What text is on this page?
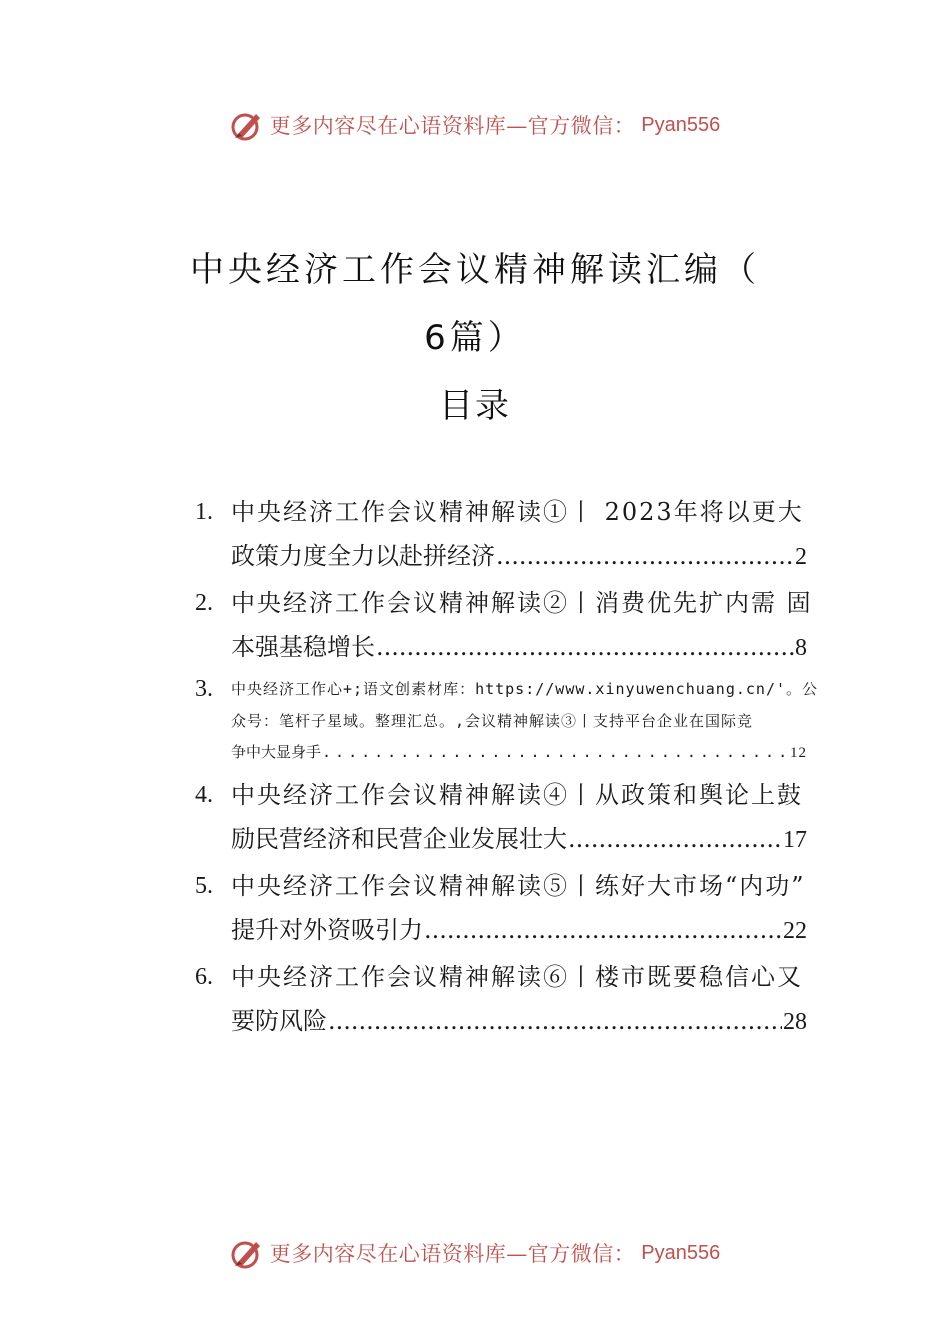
更多内容尽在心语资料库—官方微信： Pyan556
中央经济工作会议精神解读汇编（
6篇）
目录
1. 中央经济工作会议精神解读①丨 2023年将以更大
政策力度全力以赴拼经济 .....	2
2. 中央经济工作会议精神解读②丨消费优先扩内需 固
本强基稳增长 .....	8
3. 中央经济工作心+;语文创素材库：https://www.xinyuwenchuang.cn/'。公
众号：笔杆子星域。整理汇总。,会议精神解读③丨支持平台企业在国际竞
争中大显身手 .....	12
4. 中央经济工作会议精神解读④丨从政策和舆论上鼓
励民营经济和民营企业发展壮大 .....	17
5. 中央经济工作会议精神解读⑤丨练好大市场“内功”
提升对外资吸引力 .....	22
6. 中央经济工作会议精神解读⑥丨楼市既要稳信心又
要防风险 .....	28
更多内容尽在心语资料库—官方微信： Pyan556
